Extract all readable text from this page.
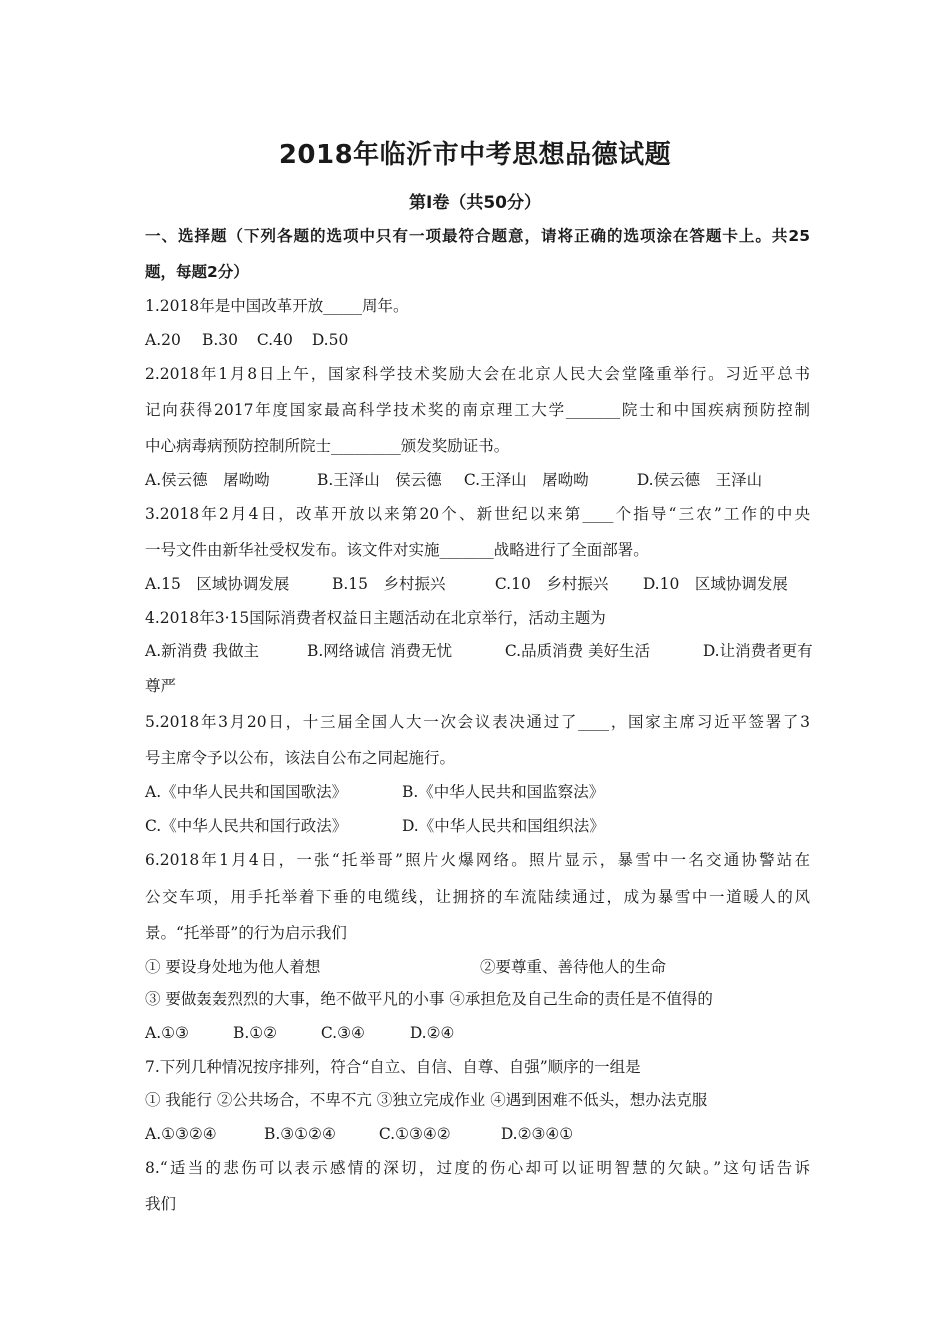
2018年临沂市中考思想品德试题
第Ⅰ卷（共50分）
一、选择题（下列各题的选项中只有一项最符合题意，请将正确的选项涂在答题卡上。共25
题，每题2分）
1.2018年是中国改革开放_____周年。
A.20 B.30 C.40 D.50
2.2018年1月8日上午，国家科学技术奖励大会在北京人民大会堂隆重举行。习近平总书
记向获得2017年度国家最高科学技术奖的南京理工大学_______院士和中国疾病预防控制
中心病毒病预防控制所院士_________颁发奖励证书。
A.侯云德　屠呦呦	B.王泽山　侯云德 C.王泽山　屠呦呦	D.侯云德　王泽山
3.2018年2月4日，改革开放以来第20个、新世纪以来第____个指导“三农”工作的中央
一号文件由新华社受权发布。该文件对实施_______战略进行了全面部署。
A.15　区域协调发展	B.15　乡村振兴	C.10　乡村振兴 D.10　区域协调发展
4.2018年3·15国际消费者权益日主题活动在北京举行，活动主题为
A.新消费 我做主	B.网络诚信 消费无忧	C.品质消费 美好生活	D.让消费者更有
尊严
5.2018年3月20日，十三届全国人大一次会议表决通过了____，国家主席习近平签署了3
号主席令予以公布，该法自公布之同起施行。
A.《中华人民共和国国歌法》	B.《中华人民共和国监察法》
C.《中华人民共和国行政法》	D.《中华人民共和国组织法》
6.2018年1月4日，一张“托举哥”照片火爆网络。照片显示，暴雪中一名交通协警站在
公交车项，用手托举着下垂的电缆线，让拥挤的车流陆续通过，成为暴雪中一道暖人的风
景。“托举哥”的行为启示我们
① 要设身处地为他人着想	②要尊重、善待他人的生命
③ 要做轰轰烈烈的大事，绝不做平凡的小事 ④承担危及自己生命的责任是不值得的
A.①③	B.①②	C.③④	D.②④
7.下列几种情况按序排列，符合“自立、自信、自尊、自强”顺序的一组是
① 我能行 ②公共场合，不卑不亢 ③独立完成作业 ④遇到困难不低头，想办法克服
A.①③②④	B.③①②④	C.①③④②	D.②③④①
8.“适当的悲伤可以表示感情的深切，过度的伤心却可以证明智慧的欠缺。”这句话告诉
我们
